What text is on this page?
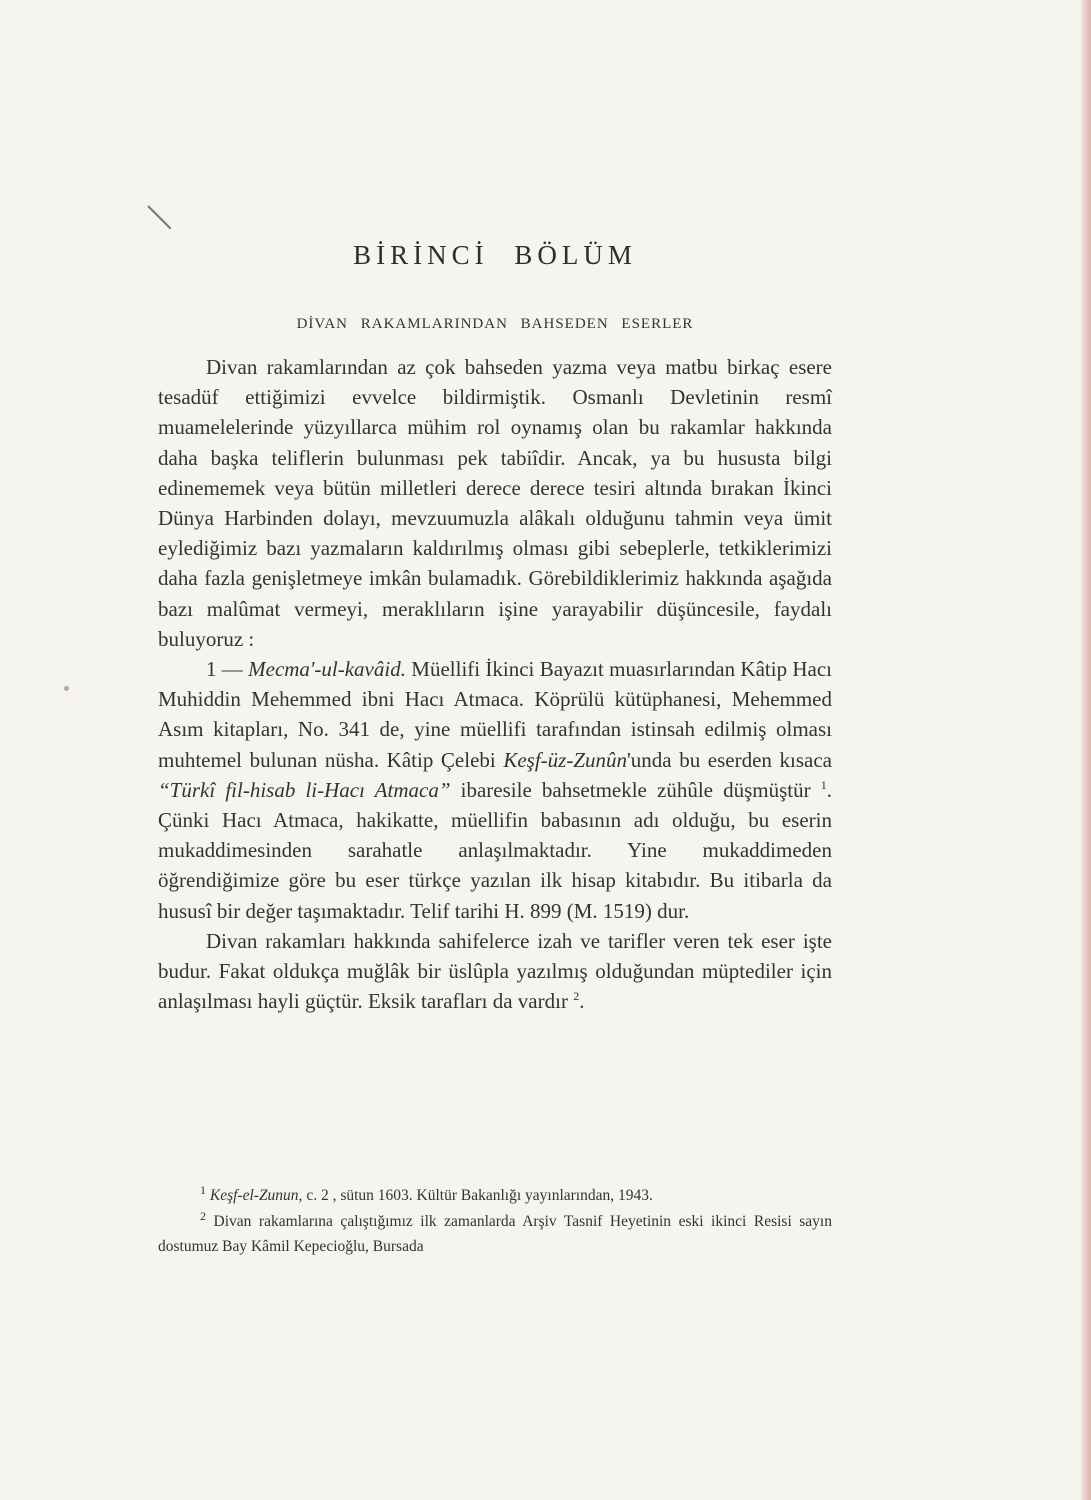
BİRİNCİ BÖLÜM
DİVAN RAKAMLARINDAN BAHSEDEN ESERLER

Divan rakamlarından az çok bahseden yazma veya matbu birkaç esere tesadüf ettiğimizi evvelce bildirmiştik. Osmanlı Devletinin resmî muamelelerinde yüzyıllarca mühim rol oynamış olan bu rakamlar hakkında daha başka teliflerin bulunması pek tabiîdir. Ancak, ya bu hususta bilgi edinememek veya bütün milletleri derece derece tesiri altında bırakan İkinci Dünya Harbinden dolayı, mevzuumuzla alâkalı olduğunu tahmin veya ümit eylediğimiz bazı yazmaların kaldırılmış olması gibi sebeplerle, tetkiklerimizi daha fazla genişletmeye imkân bulamadık. Görebildiklerimiz hakkında aşağıda bazı malûmat vermeyi, meraklıların işine yarayabilir düşüncesile, faydalı buluyoruz :

1 — Mecma'-ul-kavâid. Müellifi İkinci Bayazıt muasırlarından Kâtip Hacı Muhiddin Mehemmed ibni Hacı Atmaca. Köprülü kütüphanesi, Mehemmed Asım kitapları, No. 341 de, yine müellifi tarafından istinsah edilmiş olması muhtemel bulunan nüsha. Kâtip Çelebi Keşf-üz-Zunûn'unda bu eserden kısaca “Türkî fil-hisab li-Hacı Atmaca” ibaresile bahsetmekle zühûle düşmüştür $^1$. Çünki Hacı Atmaca, hakikatte, müellifin babasının adı olduğu, bu eserin mukaddimesinden sarahatle anlaşılmaktadır. Yine mukaddimeden öğrendiğimize göre bu eser türkçe yazılan ilk hisap kitabıdır. Bu itibarla da hususî bir değer taşımaktadır. Telif tarihi H. 899 (M. 1519) dur.

Divan rakamları hakkında sahifelerce izah ve tarifler veren tek eser işte budur. Fakat oldukça muğlâk bir üslûpla yazılmış olduğundan müptediler için anlaşılması hayli güçtür. Eksik tarafları da vardır $^2$.

$^1$ Keşf-el-Zunun, c. 2 , sütun 1603. Kültür Bakanlığı yayınlarından, 1943.

$^2$ Divan rakamlarına çalıştığımız ilk zamanlarda Arşiv Tasnif Heyetinin eski ikinci Resisi sayın dostumuz Bay Kâmil Kepecioğlu, Bursada
